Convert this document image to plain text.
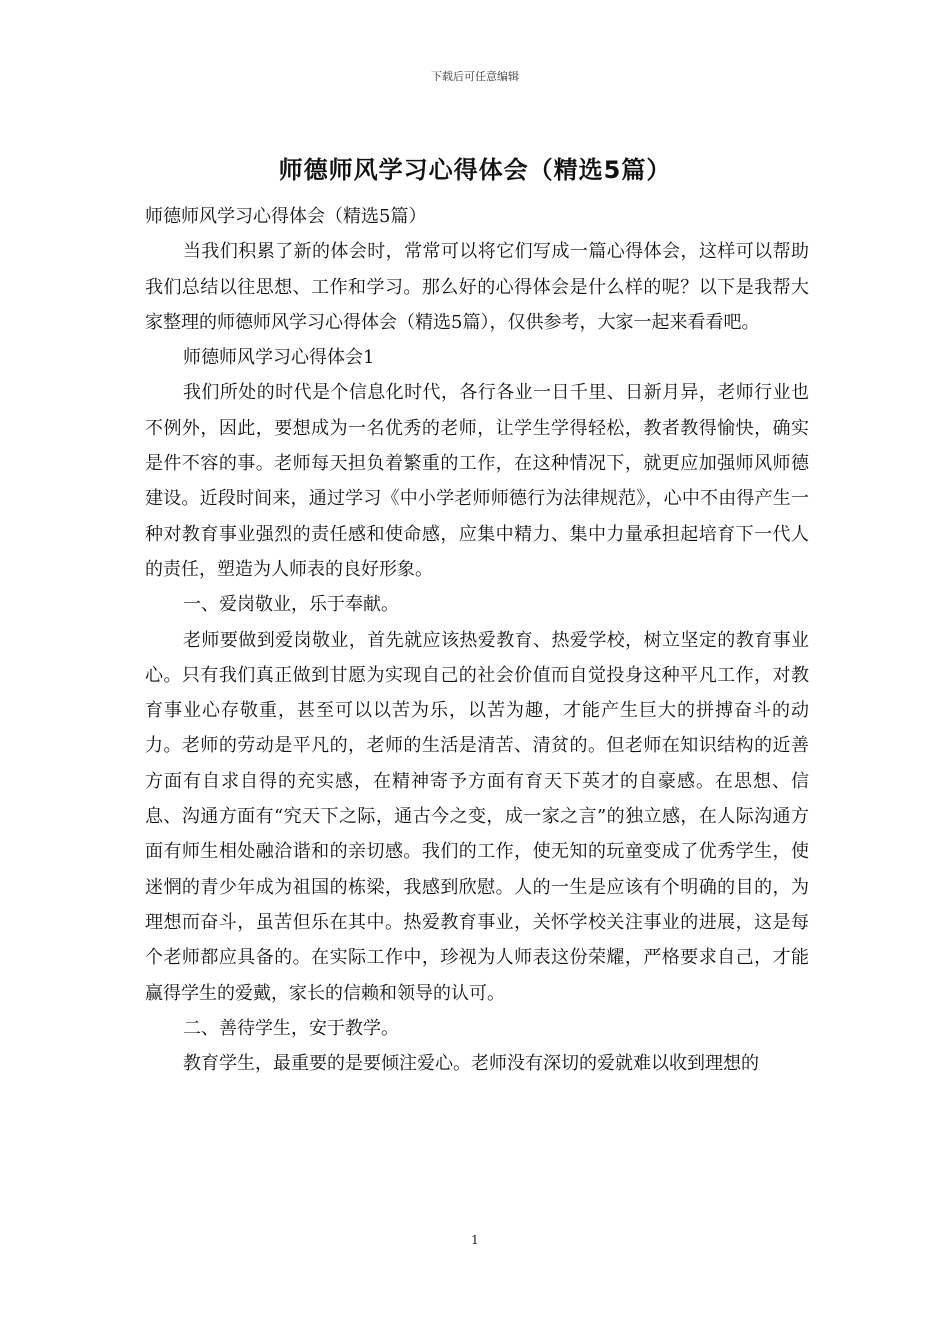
下载后可任意编辑
师德师风学习心得体会（精选5篇）

师德师风学习心得体会（精选5篇）

当我们积累了新的体会时，常常可以将它们写成一篇心得体会，这样可以帮助我们总结以往思想、工作和学习。那么好的心得体会是什么样的呢？以下是我帮大家整理的师德师风学习心得体会（精选5篇），仅供参考，大家一起来看看吧。

师德师风学习心得体会1

我们所处的时代是个信息化时代，各行各业一日千里、日新月异，老师行业也不例外，因此，要想成为一名优秀的老师，让学生学得轻松，教者教得愉快，确实是件不容的事。老师每天担负着繁重的工作，在这种情况下，就更应加强师风师德建设。近段时间来，通过学习《中小学老师师德行为法律规范》，心中不由得产生一种对教育事业强烈的责任感和使命感，应集中精力、集中力量承担起培育下一代人的责任，塑造为人师表的良好形象。

一、爱岗敬业，乐于奉献。

老师要做到爱岗敬业，首先就应该热爱教育、热爱学校，树立坚定的教育事业心。只有我们真正做到甘愿为实现自己的社会价值而自觉投身这种平凡工作，对教育事业心存敬重，甚至可以以苦为乐，以苦为趣，才能产生巨大的拼搏奋斗的动力。老师的劳动是平凡的，老师的生活是清苦、清贫的。但老师在知识结构的近善方面有自求自得的充实感，在精神寄予方面有育天下英才的自豪感。在思想、信息、沟通方面有“究天下之际，通古今之变，成一家之言”的独立感，在人际沟通方面有师生相处融洽谐和的亲切感。我们的工作，使无知的玩童变成了优秀学生，使迷惘的青少年成为祖国的栋梁，我感到欣慰。人的一生是应该有个明确的目的，为理想而奋斗，虽苦但乐在其中。热爱教育事业，关怀学校关注事业的进展，这是每个老师都应具备的。在实际工作中，珍视为人师表这份荣耀，严格要求自己，才能赢得学生的爱戴，家长的信赖和领导的认可。

二、善待学生，安于教学。

教育学生，最重要的是要倾注爱心。老师没有深切的爱就难以收到理想的

1
